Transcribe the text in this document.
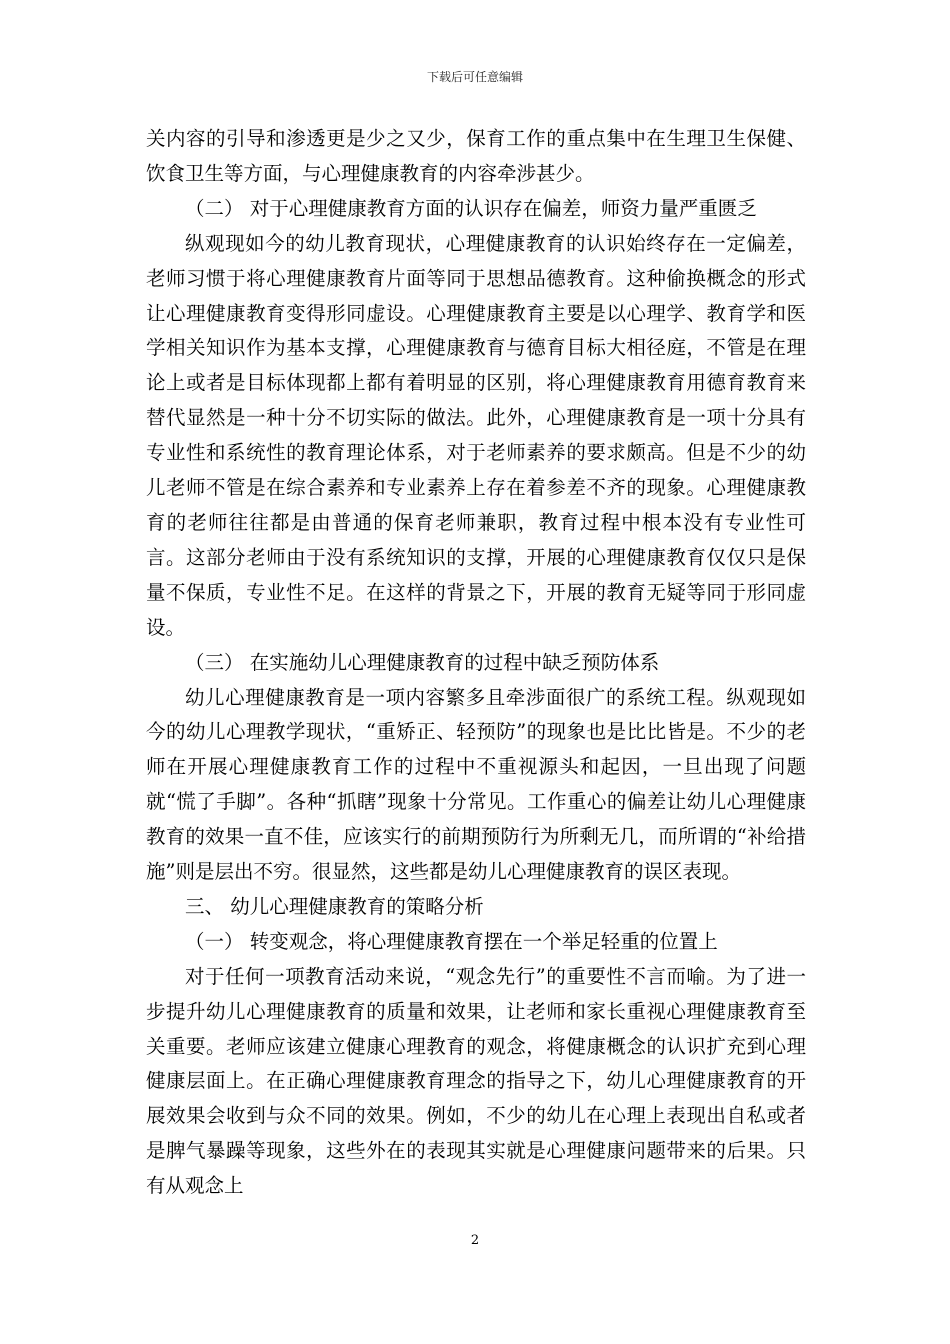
下载后可任意编辑

关内容的引导和渗透更是少之又少，保育工作的重点集中在生理卫生保健、饮食卫生等方面，与心理健康教育的内容牵涉甚少。

（二） 对于心理健康教育方面的认识存在偏差，师资力量严重匮乏

纵观现如今的幼儿教育现状，心理健康教育的认识始终存在一定偏差，老师习惯于将心理健康教育片面等同于思想品德教育。这种偷换概念的形式让心理健康教育变得形同虚设。心理健康教育主要是以心理学、教育学和医学相关知识作为基本支撑，心理健康教育与德育目标大相径庭，不管是在理论上或者是目标体现都上都有着明显的区别，将心理健康教育用德育教育来替代显然是一种十分不切实际的做法。此外，心理健康教育是一项十分具有专业性和系统性的教育理论体系，对于老师素养的要求颇高。但是不少的幼儿老师不管是在综合素养和专业素养上存在着参差不齐的现象。心理健康教育的老师往往都是由普通的保育老师兼职，教育过程中根本没有专业性可言。这部分老师由于没有系统知识的支撑，开展的心理健康教育仅仅只是保量不保质，专业性不足。在这样的背景之下，开展的教育无疑等同于形同虚设。

（三） 在实施幼儿心理健康教育的过程中缺乏预防体系

幼儿心理健康教育是一项内容繁多且牵涉面很广的系统工程。纵观现如今的幼儿心理教学现状，“重矫正、轻预防”的现象也是比比皆是。不少的老师在开展心理健康教育工作的过程中不重视源头和起因，一旦出现了问题就“慌了手脚”。各种“抓瞎”现象十分常见。工作重心的偏差让幼儿心理健康教育的效果一直不佳，应该实行的前期预防行为所剩无几，而所谓的“补给措施”则是层出不穷。很显然，这些都是幼儿心理健康教育的误区表现。

三、 幼儿心理健康教育的策略分析

（一） 转变观念，将心理健康教育摆在一个举足轻重的位置上

对于任何一项教育活动来说，“观念先行”的重要性不言而喻。为了进一步提升幼儿心理健康教育的质量和效果，让老师和家长重视心理健康教育至关重要。老师应该建立健康心理教育的观念，将健康概念的认识扩充到心理健康层面上。在正确心理健康教育理念的指导之下，幼儿心理健康教育的开展效果会收到与众不同的效果。例如，不少的幼儿在心理上表现出自私或者是脾气暴躁等现象，这些外在的表现其实就是心理健康问题带来的后果。只有从观念上

2
